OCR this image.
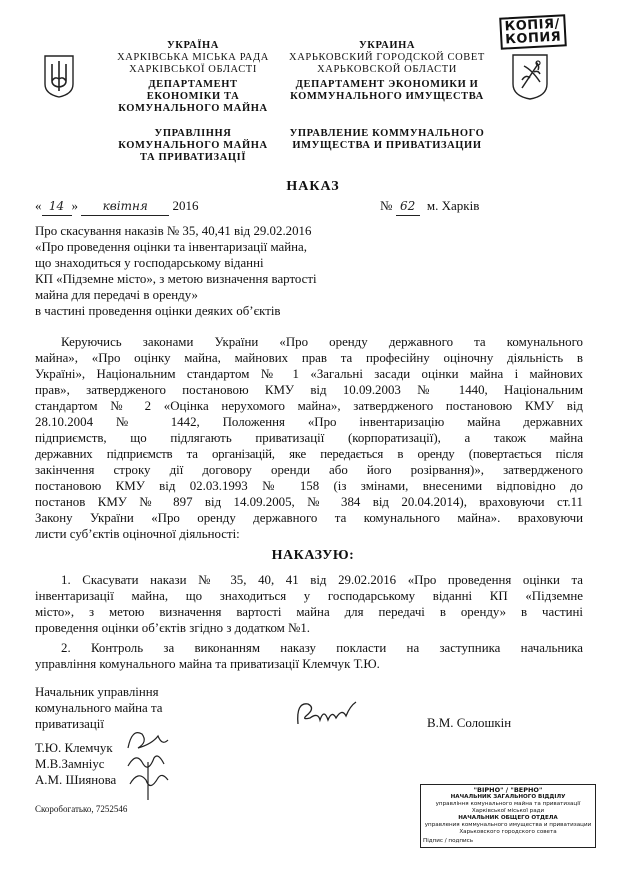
КОПІЯ/
КОПИЯ
УКРАЇНА
ХАРКІВСЬКА МІСЬКА РАДА
ХАРКІВСЬКОЇ ОБЛАСТІ
ДЕПАРТАМЕНТ
ЕКОНОМІКИ ТА
КОМУНАЛЬНОГО МАЙНА
УПРАВЛІННЯ
КОМУНАЛЬНОГО МАЙНА
ТА ПРИВАТИЗАЦІЇ
УКРАИНА
ХАРЬКОВСКИЙ ГОРОДСКОЙ СОВЕТ
ХАРЬКОВСКОЙ ОБЛАСТИ
ДЕПАРТАМЕНТ ЭКОНОМИКИ И
КОММУНАЛЬНОГО ИМУЩЕСТВА
УПРАВЛЕНИЕ КОММУНАЛЬНОГО
ИМУЩЕСТВА И ПРИВАТИЗАЦИИ
НАКАЗ
« 14 » квітня 2016	№ 62 м. Харків
Про скасування наказів № 35, 40,41 від 29.02.2016
«Про проведення оцінки та інвентаризації майна,
що знаходиться у господарському віданні
КП «Підземне місто», з метою визначення вартості
майна для передачі в оренду»
в частині проведення оцінки деяких об’єктів
Керуючись законами України «Про оренду державного та комунального
майна», «Про оцінку майна, майнових прав та професійну оціночну діяльність в
Україні», Національним стандартом № 1 «Загальні засади оцінки майна і майнових
прав», затвердженого постановою КМУ від 10.09.2003 № 1440, Національним
стандартом № 2 «Оцінка нерухомого майна», затвердженого постановою КМУ від
28.10.2004 № 1442, Положення «Про інвентаризацію майна державних
підприємств, що підлягають приватизації (корпоратизації), а також майна
державних підприємств та організацій, яке передається в оренду (повертається після
закінчення строку дії договору оренди або його розірвання)», затвердженого
постановою КМУ від 02.03.1993 № 158 (із змінами, внесеними відповідно до
постанов КМУ № 897 від 14.09.2005, № 384 від 20.04.2014), враховуючи ст.11
Закону України «Про оренду державного та комунального майна». враховуючи
листи суб’єктів оціночної діяльності:
НАКАЗУЮ:
1. Скасувати накази № 35, 40, 41 від 29.02.2016 «Про проведення оцінки та
інвентаризації майна, що знаходиться у господарському віданні КП «Підземне
місто», з метою визначення вартості майна для передачі в оренду» в частині
проведення оцінки об’єктів згідно з додатком №1.
2. Контроль за виконанням наказу покласти на заступника начальника
управління комунального майна та приватизації Клемчук Т.Ю.
Начальник управління
комунального майна та
приватизації	В.М. Солошкін
Т.Ю. Клемчук
М.В.Замніус
А.М. Шиянова
Скоробогатько, 7252546
"ВІРНО" / "ВЕРНО"
НАЧАЛЬНИК ЗАГАЛЬНОГО ВІДДІЛУ
управління комунального майна та приватизації
Харківської міської ради
НАЧАЛЬНИК ОБЩЕГО ОТДЕЛА
управления коммунального имущества и приватизации
Харьковского городского совета
Підпис / подпись
